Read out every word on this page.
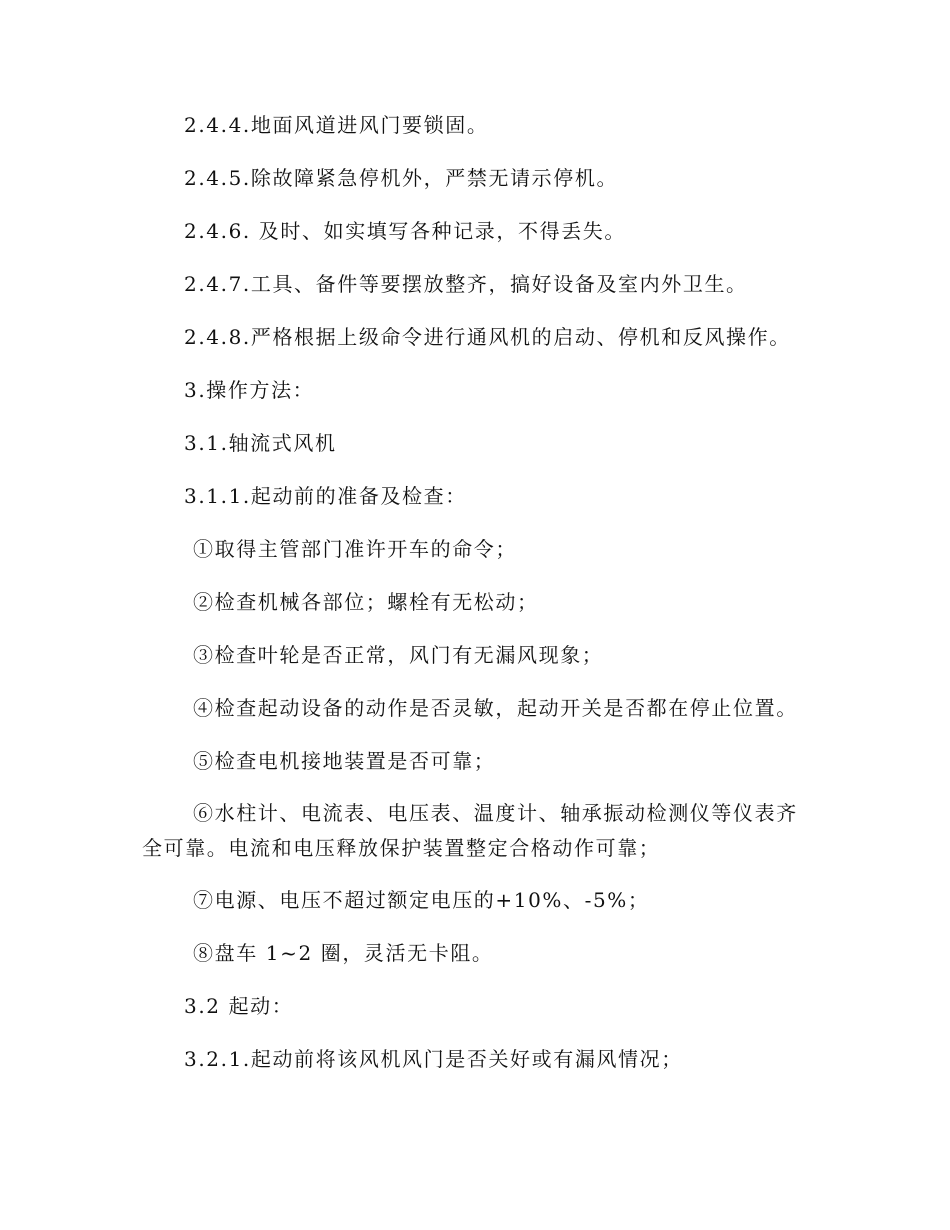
2.4.4.地面风道进风门要锁固。
2.4.5.除故障紧急停机外，严禁无请示停机。
2.4.6. 及时、如实填写各种记录，不得丢失。
2.4.7.工具、备件等要摆放整齐，搞好设备及室内外卫生。
2.4.8.严格根据上级命令进行通风机的启动、停机和反风操作。
3.操作方法：
3.1.轴流式风机
3.1.1.起动前的准备及检查：
①取得主管部门准许开车的命令；
②检查机械各部位；螺栓有无松动；
③检查叶轮是否正常，风门有无漏风现象；
④检查起动设备的动作是否灵敏，起动开关是否都在停止位置。
⑤检查电机接地装置是否可靠；
⑥水柱计、电流表、电压表、温度计、轴承振动检测仪等仪表齐
全可靠。电流和电压释放保护装置整定合格动作可靠；
⑦电源、电压不超过额定电压的+10%、-5%；
⑧盘车 1~2 圈，灵活无卡阻。
3.2 起动：
3.2.1.起动前将该风机风门是否关好或有漏风情况；
